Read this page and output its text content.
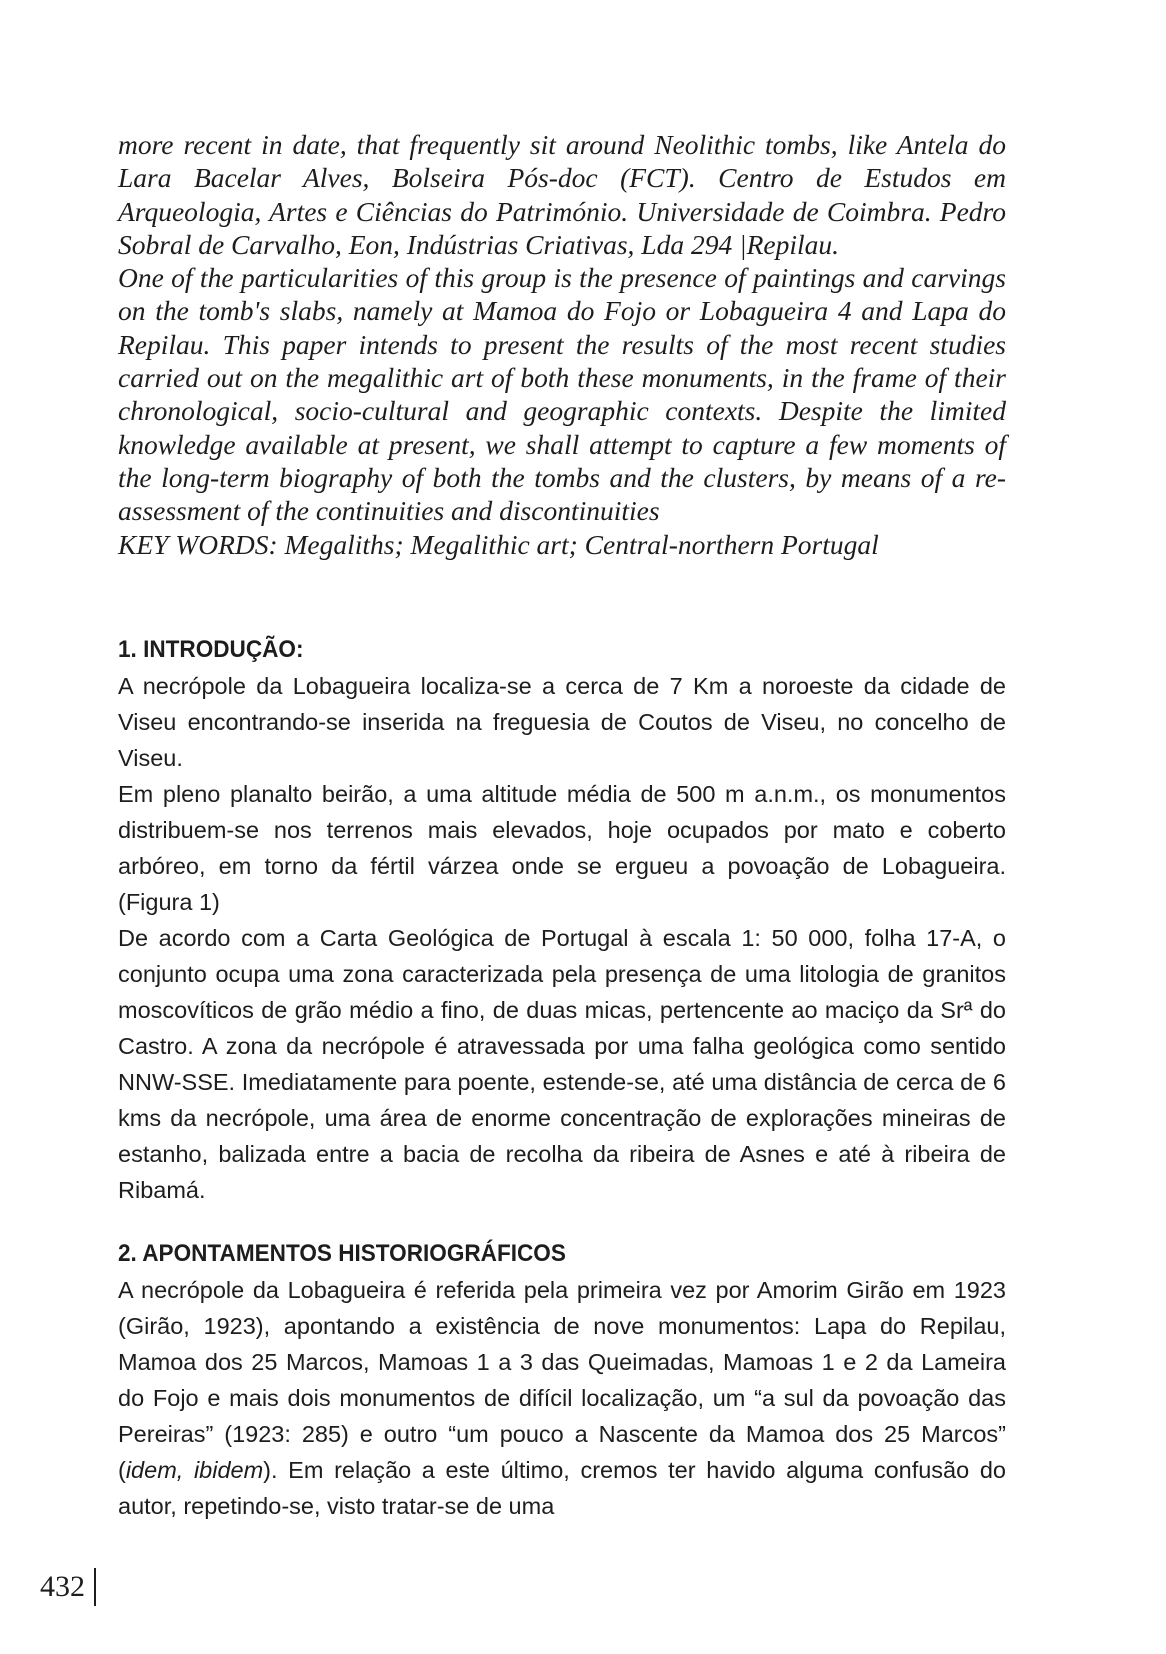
more recent in date, that frequently sit around Neolithic tombs, like Antela do Lara Bacelar Alves, Bolseira Pós-doc (FCT). Centro de Estudos em Arqueologia, Artes e Ciências do Património. Universidade de Coimbra. Pedro Sobral de Carvalho, Eon, Indústrias Criativas, Lda 294 |Repilau.

One of the particularities of this group is the presence of paintings and carvings on the tomb's slabs, namely at Mamoa do Fojo or Lobagueira 4 and Lapa do Repilau. This paper intends to present the results of the most recent studies carried out on the megalithic art of both these monuments, in the frame of their chronological, socio-cultural and geographic contexts. Despite the limited knowledge available at present, we shall attempt to capture a few moments of the long-term biography of both the tombs and the clusters, by means of a re-assessment of the continuities and discontinuities

KEY WORDS: Megaliths; Megalithic art; Central-northern Portugal

1. INTRODUÇÃO:

A necrópole da Lobagueira localiza-se a cerca de 7 Km a noroeste da cidade de Viseu encontrando-se inserida na freguesia de Coutos de Viseu, no concelho de Viseu.

Em pleno planalto beirão, a uma altitude média de 500 m a.n.m., os monumentos distribuem-se nos terrenos mais elevados, hoje ocupados por mato e coberto arbóreo, em torno da fértil várzea onde se ergueu a povoação de Lobagueira. (Figura 1)

De acordo com a Carta Geológica de Portugal à escala 1: 50 000, folha 17-A, o conjunto ocupa uma zona caracterizada pela presença de uma litologia de granitos moscovíticos de grão médio a fino, de duas micas, pertencente ao maciço da Srª do Castro. A zona da necrópole é atravessada por uma falha geológica como sentido NNW-SSE. Imediatamente para poente, estende-se, até uma distância de cerca de 6 kms da necrópole, uma área de enorme concentração de explorações mineiras de estanho, balizada entre a bacia de recolha da ribeira de Asnes e até à ribeira de Ribamá.

2. APONTAMENTOS HISTORIOGRÁFICOS

A necrópole da Lobagueira é referida pela primeira vez por Amorim Girão em 1923 (Girão, 1923), apontando a existência de nove monumentos: Lapa do Repilau, Mamoa dos 25 Marcos, Mamoas 1 a 3 das Queimadas, Mamoas 1 e 2 da Lameira do Fojo e mais dois monumentos de difícil localização, um “a sul da povoação das Pereiras” (1923: 285) e outro “um pouco a Nascente da Mamoa dos 25 Marcos” (idem, ibidem). Em relação a este último, cremos ter havido alguma confusão do autor, repetindo-se, visto tratar-se de uma

432
